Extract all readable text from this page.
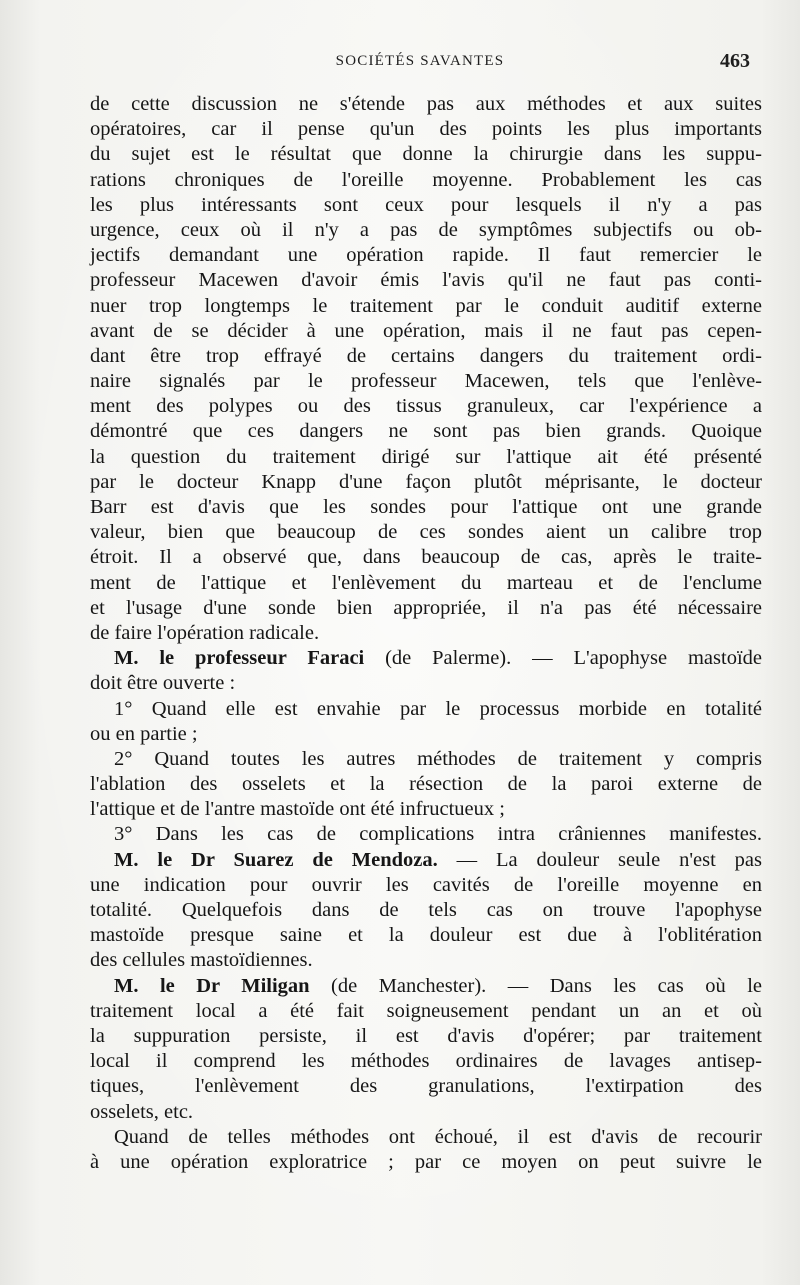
SOCIÉTÉS SAVANTES	463
de cette discussion ne s'étende pas aux méthodes et aux suites
opératoires, car il pense qu'un des points les plus importants
du sujet est le résultat que donne la chirurgie dans les suppu-
rations chroniques de l'oreille moyenne. Probablement les cas
les plus intéressants sont ceux pour lesquels il n'y a pas
urgence, ceux où il n'y a pas de symptômes subjectifs ou ob-
jectifs demandant une opération rapide. Il faut remercier le
professeur Macewen d'avoir émis l'avis qu'il ne faut pas conti-
nuer trop longtemps le traitement par le conduit auditif externe
avant de se décider à une opération, mais il ne faut pas cepen-
dant être trop effrayé de certains dangers du traitement ordi-
naire signalés par le professeur Macewen, tels que l'enlève-
ment des polypes ou des tissus granuleux, car l'expérience a
démontré que ces dangers ne sont pas bien grands. Quoique
la question du traitement dirigé sur l'attique ait été présenté
par le docteur Knapp d'une façon plutôt méprisante, le docteur
Barr est d'avis que les sondes pour l'attique ont une grande
valeur, bien que beaucoup de ces sondes aient un calibre trop
étroit. Il a observé que, dans beaucoup de cas, après le traite-
ment de l'attique et l'enlèvement du marteau et de l'enclume
et l'usage d'une sonde bien appropriée, il n'a pas été nécessaire
de faire l'opération radicale.
M. le professeur Faraci (de Palerme). — L'apophyse mastoïde
doit être ouverte :
1° Quand elle est envahie par le processus morbide en totalité
ou en partie ;
2° Quand toutes les autres méthodes de traitement y compris
l'ablation des osselets et la résection de la paroi externe de
l'attique et de l'antre mastoïde ont été infructueux ;
3° Dans les cas de complications intra crâniennes manifestes.
M. le Dr Suarez de Mendoza. — La douleur seule n'est pas
une indication pour ouvrir les cavités de l'oreille moyenne en
totalité. Quelquefois dans de tels cas on trouve l'apophyse
mastoïde presque saine et la douleur est due à l'oblitération
des cellules mastoïdiennes.
M. le Dr Miligan (de Manchester). — Dans les cas où le
traitement local a été fait soigneusement pendant un an et où
la suppuration persiste, il est d'avis d'opérer; par traitement
local il comprend les méthodes ordinaires de lavages antisep-
tiques, l'enlèvement des granulations, l'extirpation des
osselets, etc.
Quand de telles méthodes ont échoué, il est d'avis de recourir
à une opération exploratrice ; par ce moyen on peut suivre le
